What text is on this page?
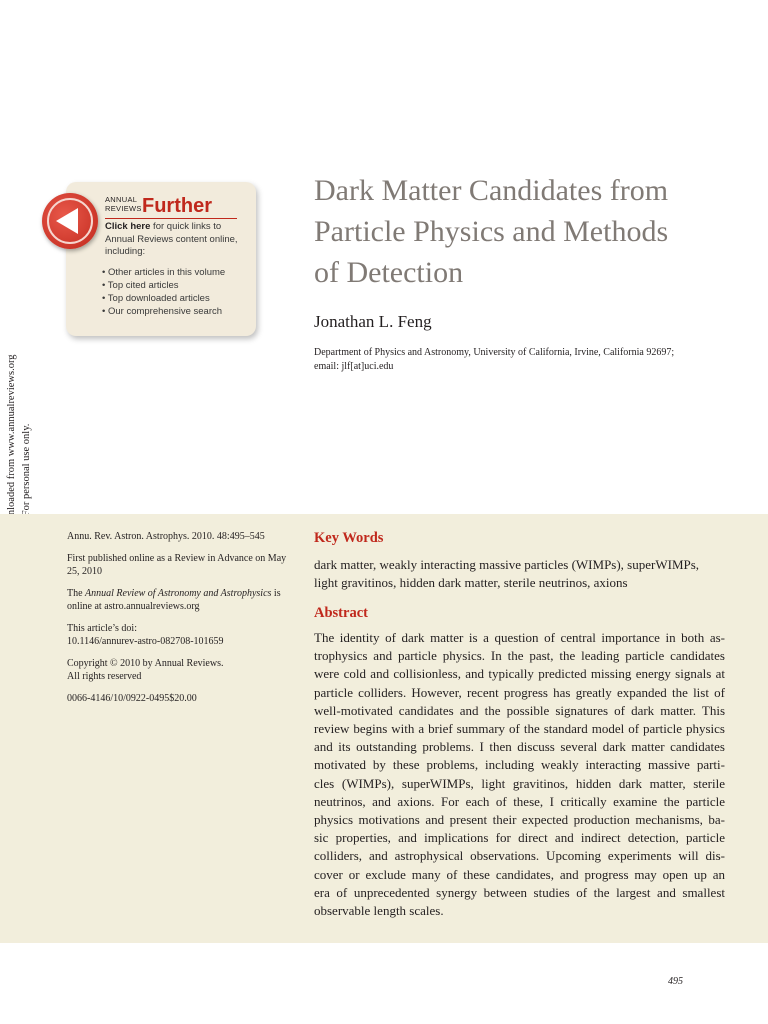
ANNUAL
REVIEWS Further
Click here for quick links to Annual Reviews content online, including:
• Other articles in this volume
• Top cited articles
• Top downloaded articles
• Our comprehensive search
Dark Matter Candidates from
Particle Physics and Methods
of Detection
Jonathan L. Feng
Department of Physics and Astronomy, University of California, Irvine, California 92697;
email: jlf[at]uci.edu

Annu. Rev. Astron. Astrophys. 2010. 48:495–545

First published online as a Review in Advance on May 25, 2010

The Annual Review of Astronomy and Astrophysics is online at astro.annualreviews.org

This article’s doi:
10.1146/annurev-astro-082708-101659

Copyright © 2010 by Annual Reviews.
All rights reserved

0066-4146/10/0922-0495$20.00

Key Words
dark matter, weakly interacting massive particles (WIMPs), superWIMPs,
light gravitinos, hidden dark matter, sterile neutrinos, axions
Abstract
The identity of dark matter is a question of central importance in both as-
trophysics and particle physics. In the past, the leading particle candidates
were cold and collisionless, and typically predicted missing energy signals at
particle colliders. However, recent progress has greatly expanded the list of
well-motivated candidates and the possible signatures of dark matter. This
review begins with a brief summary of the standard model of particle physics
and its outstanding problems. I then discuss several dark matter candidates
motivated by these problems, including weakly interacting massive parti-
cles (WIMPs), superWIMPs, light gravitinos, hidden dark matter, sterile
neutrinos, and axions. For each of these, I critically examine the particle
physics motivations and present their expected production mechanisms, ba-
sic properties, and implications for direct and indirect detection, particle
colliders, and astrophysical observations. Upcoming experiments will dis-
cover or exclude many of these candidates, and progress may open up an
era of unprecedented synergy between studies of the largest and smallest
observable length scales.
495
